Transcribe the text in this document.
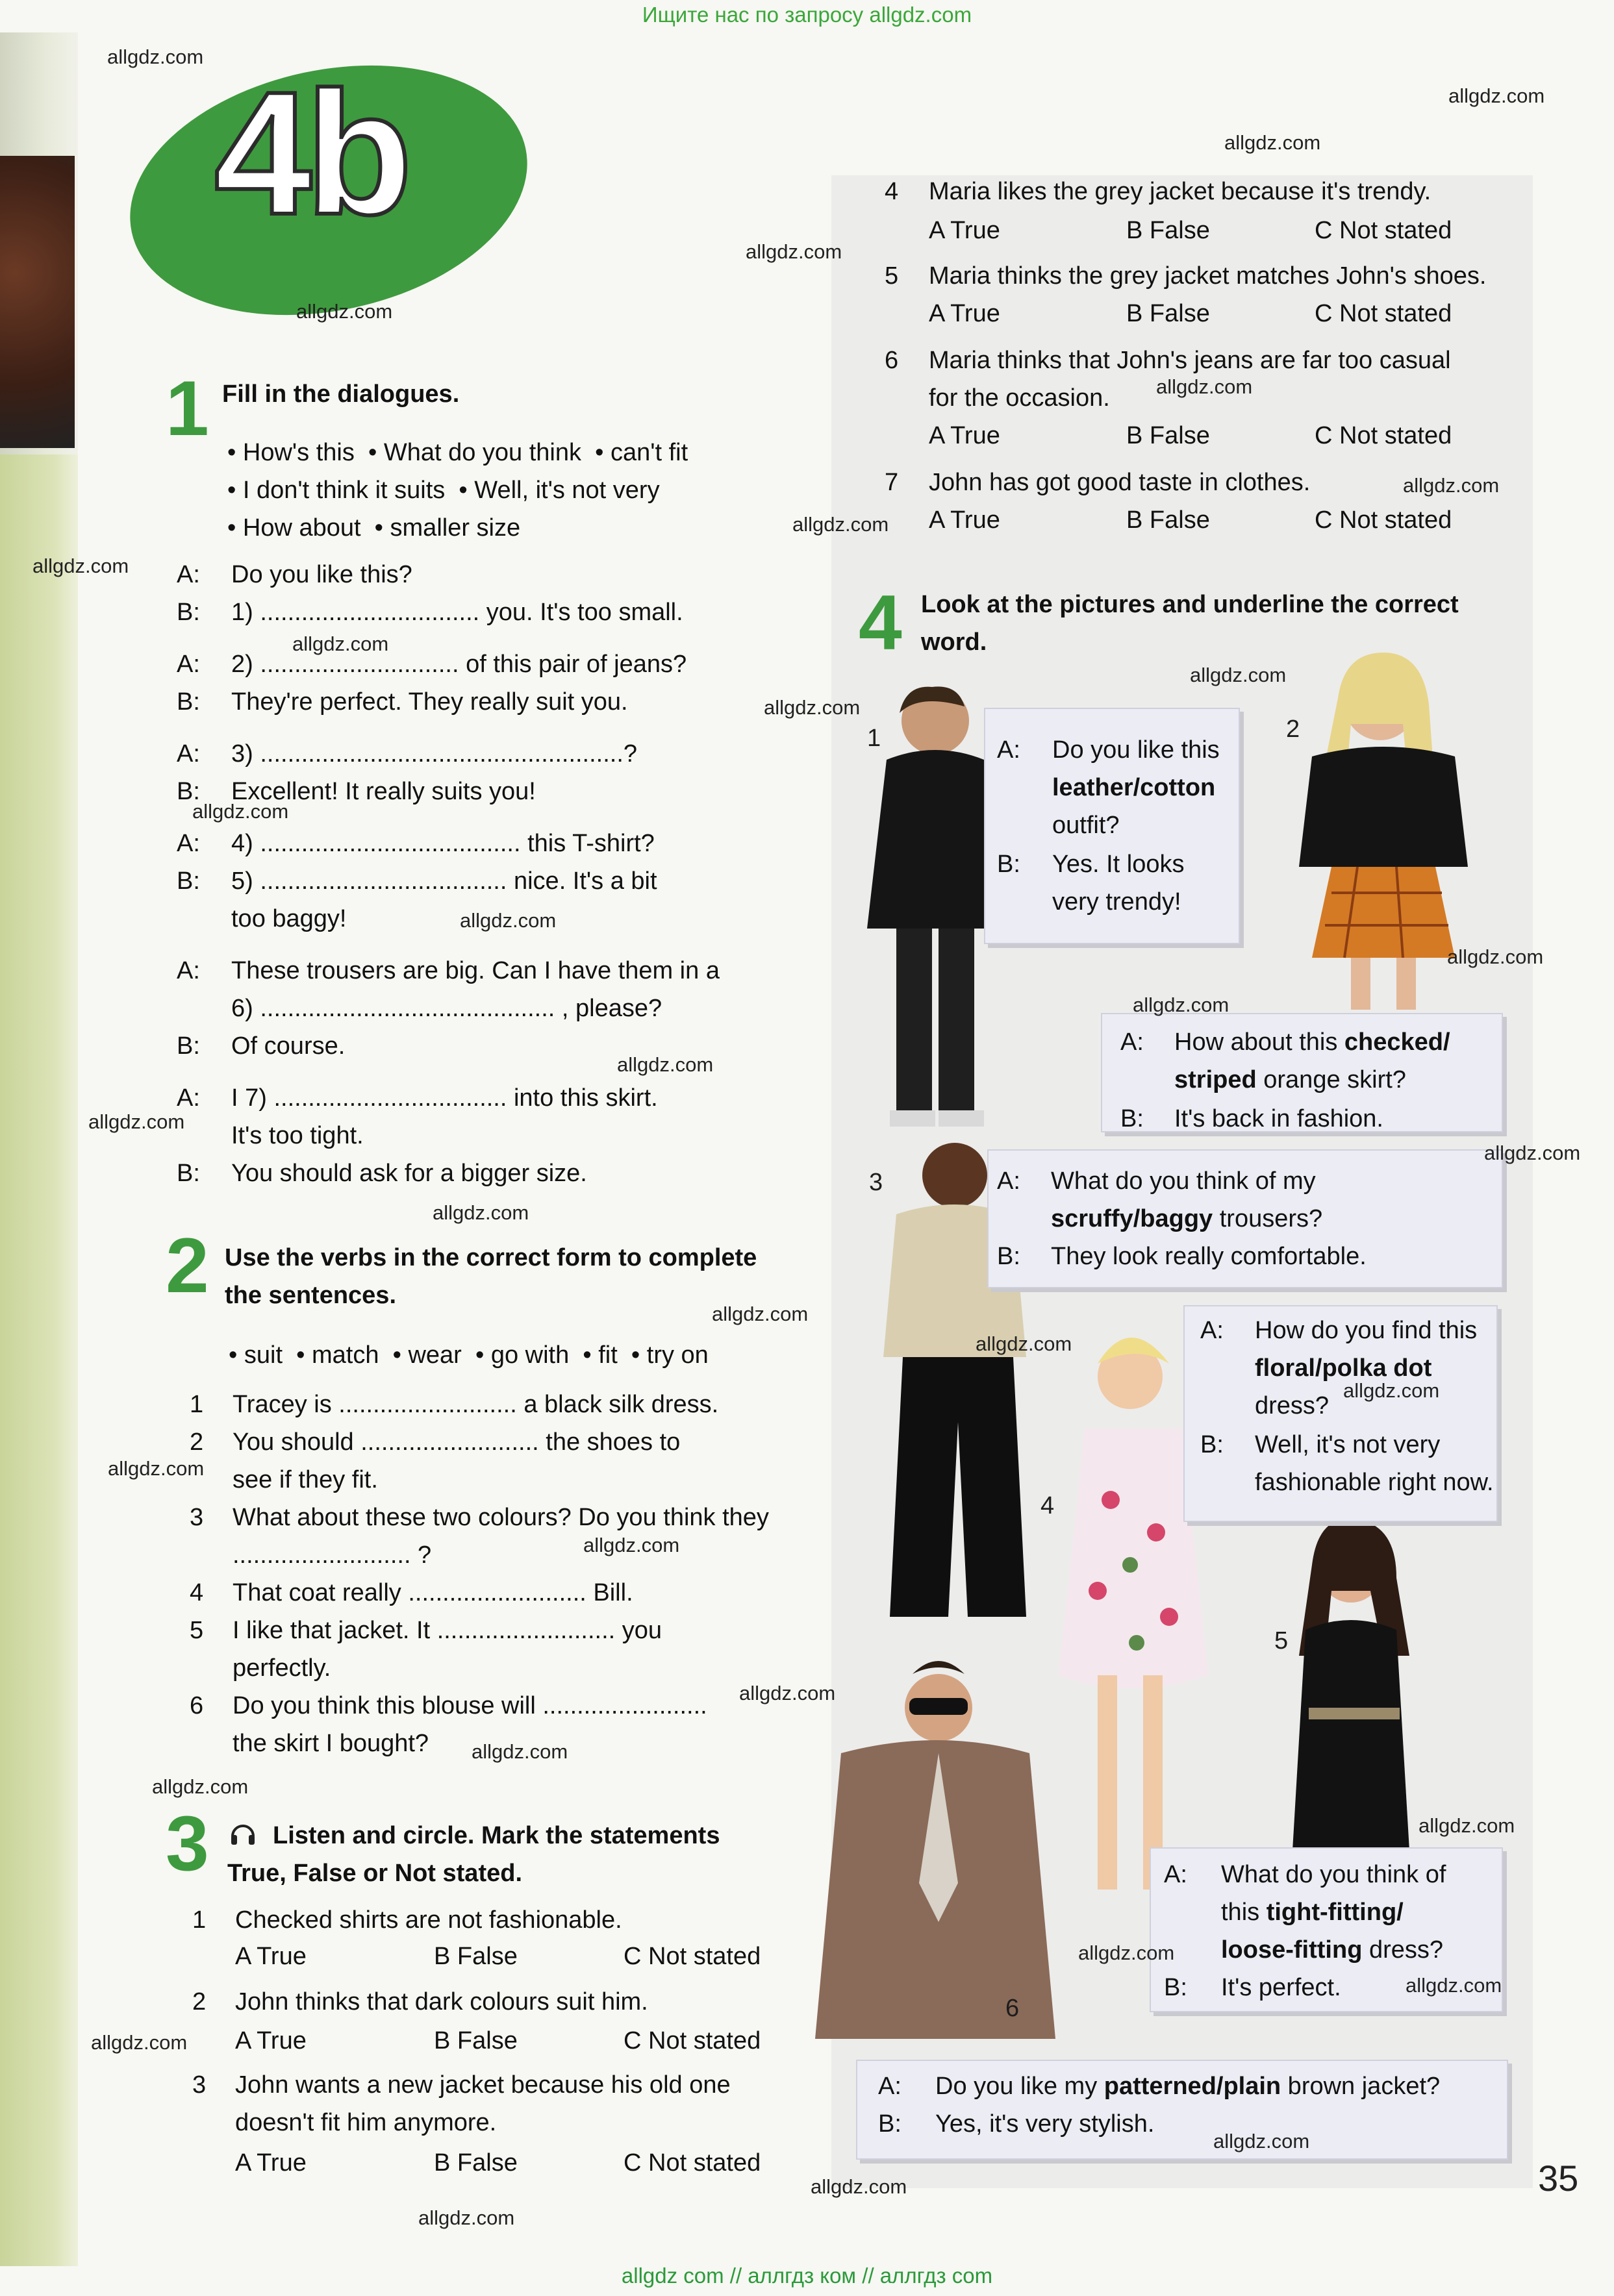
Ищите нас по запросу allgdz.com
4b
1 Fill in the dialogues.
• How's this  • What do you think  • can't fit
• I don't think it suits  • Well, it's not very
• How about  • smaller size
A: Do you like this?
B: 1) ................................ you. It's too small.
A: 2) ............................. of this pair of jeans?
B: They're perfect. They really suit you.
A: 3) .....................................................?
B: Excellent! It really suits you!
A: 4) ...................................... this T-shirt?
B: 5) .................................... nice. It's a bit
too baggy!
A: These trousers are big. Can I have them in a
6) ........................................... , please?
B: Of course.
A: I 7) .................................. into this skirt.
It's too tight.
B: You should ask for a bigger size.
2 Use the verbs in the correct form to complete
the sentences.
• suit  • match  • wear  • go with  • fit  • try on
1 Tracey is .......................... a black silk dress.
2 You should .......................... the shoes to
see if they fit.
3 What about these two colours? Do you think they
.......................... ?
4 That coat really .......................... Bill.
5 I like that jacket. It .......................... you
perfectly.
6 Do you think this blouse will ........................
the skirt I bought?
3	Listen and circle. Mark the statements
True, False or Not stated.
1 Checked shirts are not fashionable.
A True	B False	C Not stated
2 John thinks that dark colours suit him.
A True	B False	C Not stated
3 John wants a new jacket because his old one
doesn't fit him anymore.
A True	B False	C Not stated
4 Maria likes the grey jacket because it's trendy.
A True	B False	C Not stated
5 Maria thinks the grey jacket matches John's shoes.
A True	B False	C Not stated
6 Maria thinks that John's jeans are far too casual
for the occasion.
A True	B False	C Not stated
7 John has got good taste in clothes.
A True	B False	C Not stated
4 Look at the pictures and underline the correct
word.
1	2
3
4
5
6
A: Do you like this
leather/cotton
outfit?
B: Yes. It looks
very trendy!
A: How about this checked/
striped orange skirt?
B: It's back in fashion.
A: What do you think of my
scruffy/baggy trousers?
B: They look really comfortable.
A: How do you find this
floral/polka dot
dress?
B: Well, it's not very
fashionable right now.
A: What do you think of
this tight-fitting/
loose-fitting dress?
B: It's perfect.
A: Do you like my patterned/plain brown jacket?
B: Yes, it's very stylish.
35
allgdz.com
allgdz.com
allgdz.com
allgdz.com
allgdz.com
allgdz.com
allgdz.com
allgdz.com
allgdz.com
allgdz.com
allgdz.com
allgdz.com
allgdz.com
allgdz.com
allgdz.com
allgdz.com
allgdz.com
allgdz.com
allgdz.com
allgdz.com
allgdz.com
allgdz.com
allgdz.com
allgdz.com
allgdz.com
allgdz.com
allgdz.com
allgdz.com
allgdz.com
allgdz.com
allgdz.com
allgdz.com
allgdz.com
allgdz.com
allgdz.com
allgdz com // аллгдз ком // аллгдз com
